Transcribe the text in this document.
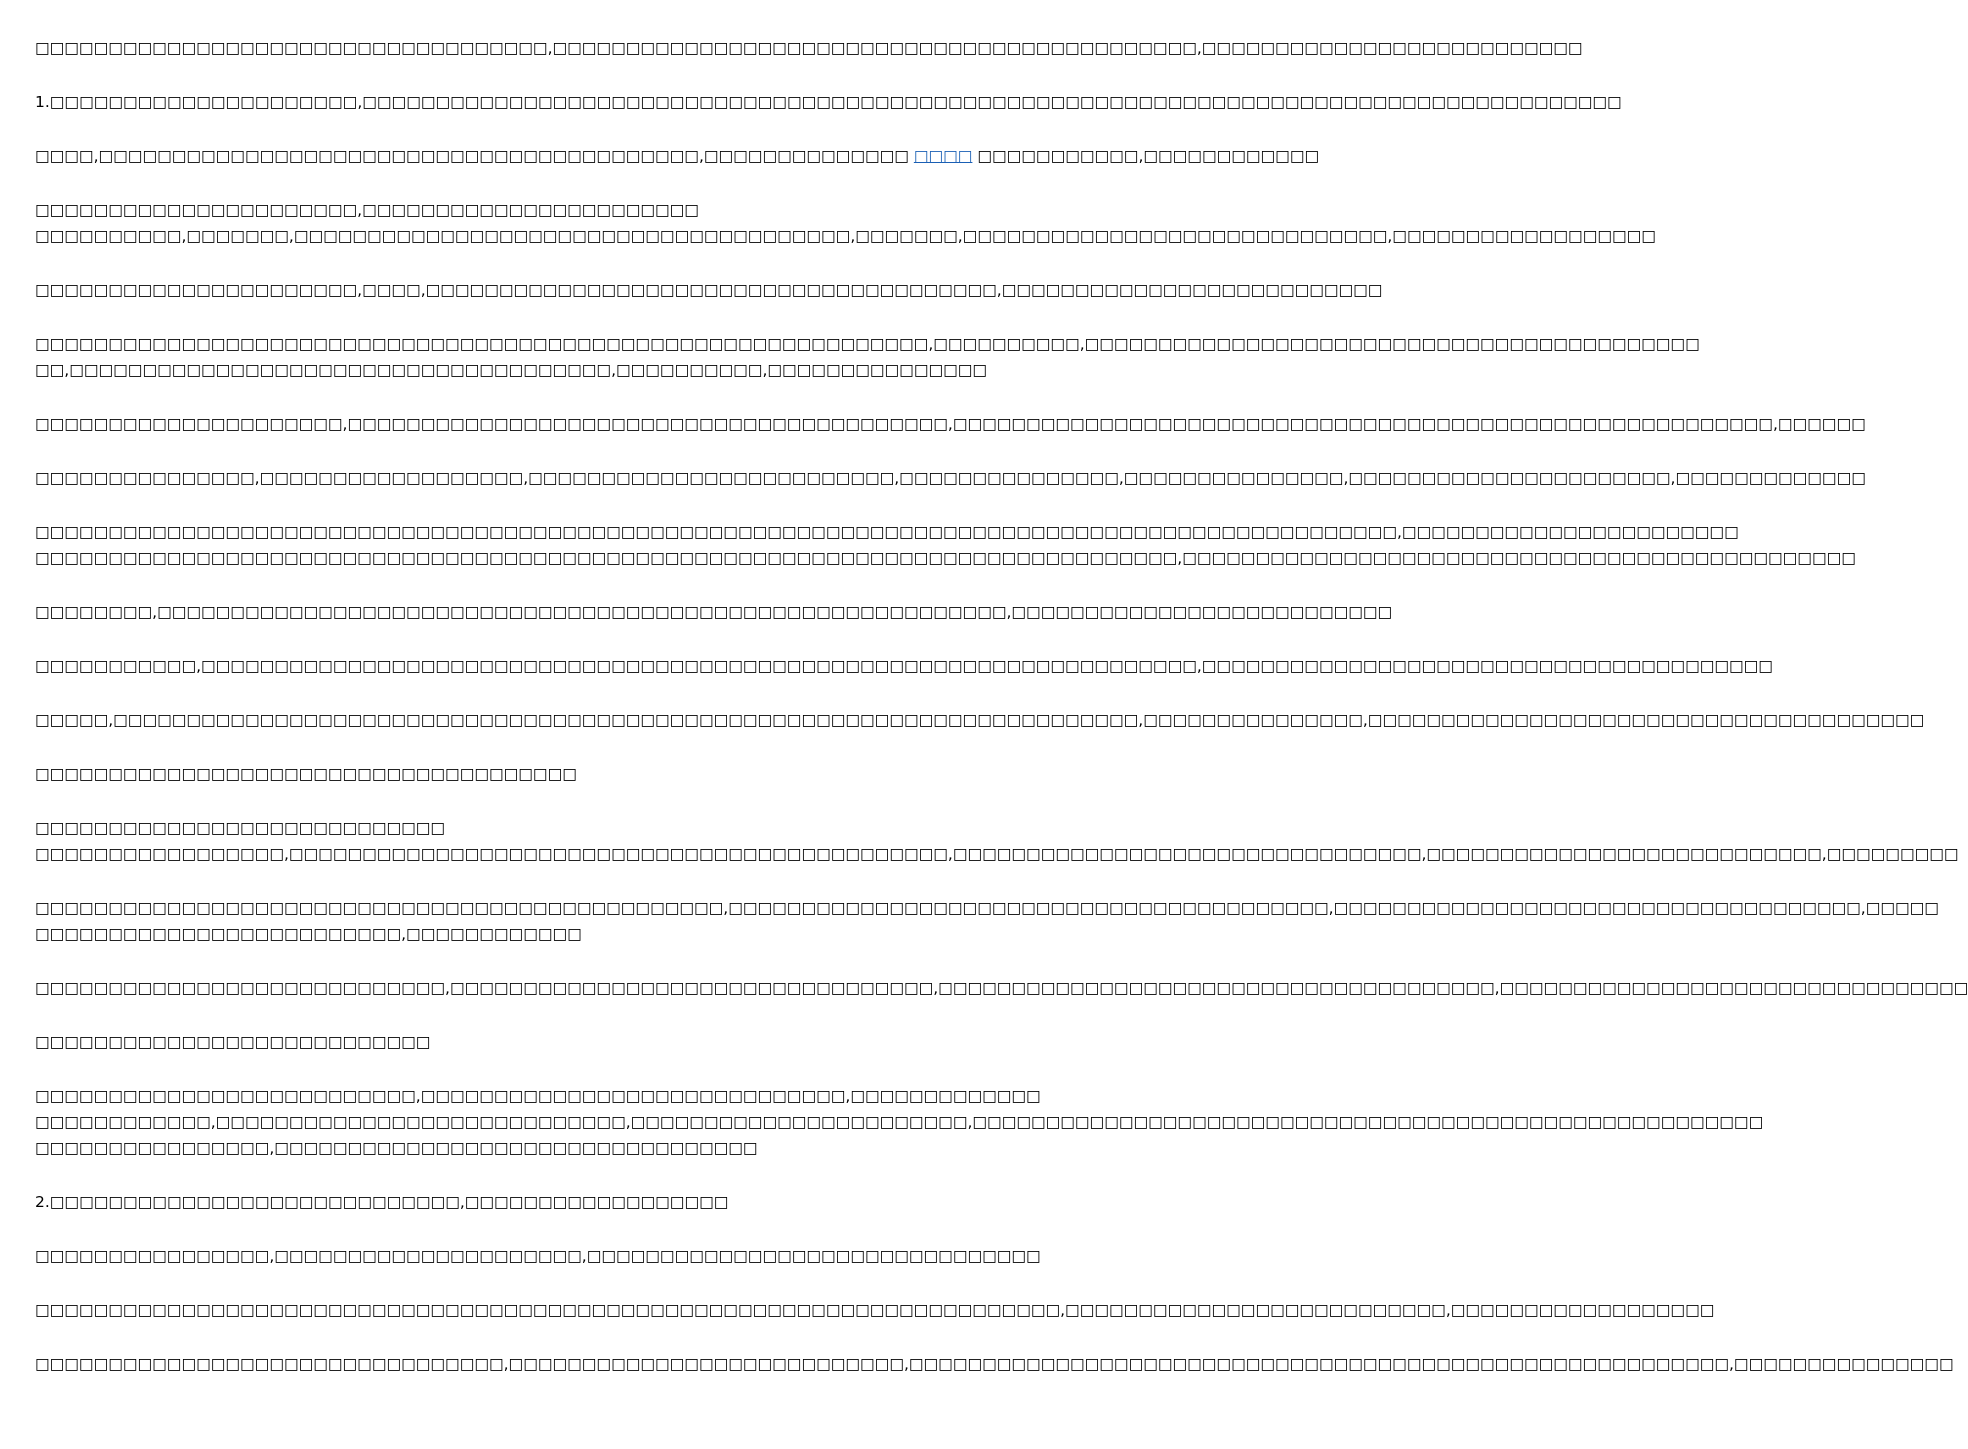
□□□□□□□□□□□□□□□□□□□□□□□□□□□□□□□□□□□,□□□□□□□□□□□□□□□□□□□□□□□□□□□□□□□□□□□□□□□□□□□□,□□□□□□□□□□□□□□□□□□□□□□□□□□
1.□□□□□□□□□□□□□□□□□□□□□,□□□□□□□□□□□□□□□□□□□□□□□□□□□□□□□□□□□□□□□□□□□□□□□□□□□□□□□□□□□□□□□□□□□□□□□□□□□□□□□□□□□□□□
□□□□,□□□□□□□□□□□□□□□□□□□□□□□□□□□□□□□□□□□□□□□□□,□□□□□□□□□□□□□□ □□□□ □□□□□□□□□□□,□□□□□□□□□□□□
□□□□□□□□□□□□□□□□□□□□□□,□□□□□□□□□□□□□□□□□□□□□□□
□□□□□□□□□□,□□□□□□□,□□□□□□□□□□□□□□□□□□□□□□□□□□□□□□□□□□□□□□,□□□□□□□,□□□□□□□□□□□□□□□□□□□□□□□□□□□□□,□□□□□□□□□□□□□□□□□□
□□□□□□□□□□□□□□□□□□□□□□,□□□□,□□□□□□□□□□□□□□□□□□□□□□□□□□□□□□□□□□□□□□□,□□□□□□□□□□□□□□□□□□□□□□□□□□
□□□□□□□□□□□□□□□□□□□□□□□□□□□□□□□□□□□□□□□□□□□□□□□□□□□□□□□□□□□□□,□□□□□□□□□□,□□□□□□□□□□□□□□□□□□□□□□□□□□□□□□□□□□□□□□□□□□
□□,□□□□□□□□□□□□□□□□□□□□□□□□□□□□□□□□□□□□□,□□□□□□□□□□,□□□□□□□□□□□□□□□
□□□□□□□□□□□□□□□□□□□□□,□□□□□□□□□□□□□□□□□□□□□□□□□□□□□□□□□□□□□□□□□,□□□□□□□□□□□□□□□□□□□□□□□□□□□□□□□□□□□□□□□□□□□□□□□□□□□□□□□□,□□□□□□
□□□□□□□□□□□□□□□,□□□□□□□□□□□□□□□□□□,□□□□□□□□□□□□□□□□□□□□□□□□□,□□□□□□□□□□□□□□□,□□□□□□□□□□□□□□□,□□□□□□□□□□□□□□□□□□□□□□,□□□□□□□□□□□□□
□□□□□□□□□□□□□□□□□□□□□□□□□□□□□□□□□□□□□□□□□□□□□□□□□□□□□□□□□□□□□□□□□□□□□□□□□□□□□□□□□□□□□□□□□□□□□,□□□□□□□□□□□□□□□□□□□□□□□
□□□□□□□□□□□□□□□□□□□□□□□□□□□□□□□□□□□□□□□□□□□□□□□□□□□□□□□□□□□□□□□□□□□□□□□□□□□□□□,□□□□□□□□□□□□□□□□□□□□□□□□□□□□□□□□□□□□□□□□□□□□□□
□□□□□□□□,□□□□□□□□□□□□□□□□□□□□□□□□□□□□□□□□□□□□□□□□□□□□□□□□□□□□□□□□□□,□□□□□□□□□□□□□□□□□□□□□□□□□□
□□□□□□□□□□□,□□□□□□□□□□□□□□□□□□□□□□□□□□□□□□□□□□□□□□□□□□□□□□□□□□□□□□□□□□□□□□□□□□□□,□□□□□□□□□□□□□□□□□□□□□□□□□□□□□□□□□□□□□□□
□□□□□,□□□□□□□□□□□□□□□□□□□□□□□□□□□□□□□□□□□□□□□□□□□□□□□□□□□□□□□□□□□□□□□□□□□□□□,□□□□□□□□□□□□□□□,□□□□□□□□□□□□□□□□□□□□□□□□□□□□□□□□□□□□□□
□□□□□□□□□□□□□□□□□□□□□□□□□□□□□□□□□□□□□
□□□□□□□□□□□□□□□□□□□□□□□□□□□□
□□□□□□□□□□□□□□□□□,□□□□□□□□□□□□□□□□□□□□□□□□□□□□□□□□□□□□□□□□□□□□□,□□□□□□□□□□□□□□□□□□□□□□□□□□□□□□□□,□□□□□□□□□□□□□□□□□□□□□□□□□□□,□□□□□□□□□
□□□□□□□□□□□□□□□□□□□□□□□□□□□□□□□□□□□□□□□□□□□□□□□,□□□□□□□□□□□□□□□□□□□□□□□□□□□□□□□□□□□□□□□□□,□□□□□□□□□□□□□□□□□□□□□□□□□□□□□□□□□□□□,□□□□□
□□□□□□□□□□□□□□□□□□□□□□□□□,□□□□□□□□□□□□
□□□□□□□□□□□□□□□□□□□□□□□□□□□□,□□□□□□□□□□□□□□□□□□□□□□□□□□□□□□□□□,□□□□□□□□□□□□□□□□□□□□□□□□□□□□□□□□□□□□□□,□□□□□□□□□□□□□□□□□□□□□□□□□□□□□□□□
□□□□□□□□□□□□□□□□□□□□□□□□□□□
□□□□□□□□□□□□□□□□□□□□□□□□□□,□□□□□□□□□□□□□□□□□□□□□□□□□□□□□,□□□□□□□□□□□□□
□□□□□□□□□□□□,□□□□□□□□□□□□□□□□□□□□□□□□□□□□,□□□□□□□□□□□□□□□□□□□□□□□,□□□□□□□□□□□□□□□□□□□□□□□□□□□□□□□□□□□□□□□□□□□□□□□□□□□□□□
□□□□□□□□□□□□□□□□,□□□□□□□□□□□□□□□□□□□□□□□□□□□□□□□□□
2.□□□□□□□□□□□□□□□□□□□□□□□□□□□□,□□□□□□□□□□□□□□□□□□
□□□□□□□□□□□□□□□□,□□□□□□□□□□□□□□□□□□□□□,□□□□□□□□□□□□□□□□□□□□□□□□□□□□□□□
□□□□□□□□□□□□□□□□□□□□□□□□□□□□□□□□□□□□□□□□□□□□□□□□□□□□□□□□□□□□□□□□□□□□□□,□□□□□□□□□□□□□□□□□□□□□□□□□□,□□□□□□□□□□□□□□□□□□
□□□□□□□□□□□□□□□□□□□□□□□□□□□□□□□□,□□□□□□□□□□□□□□□□□□□□□□□□□□□,□□□□□□□□□□□□□□□□□□□□□□□□□□□□□□□□□□□□□□□□□□□□□□□□□□□□□□□□,□□□□□□□□□□□□□□□
